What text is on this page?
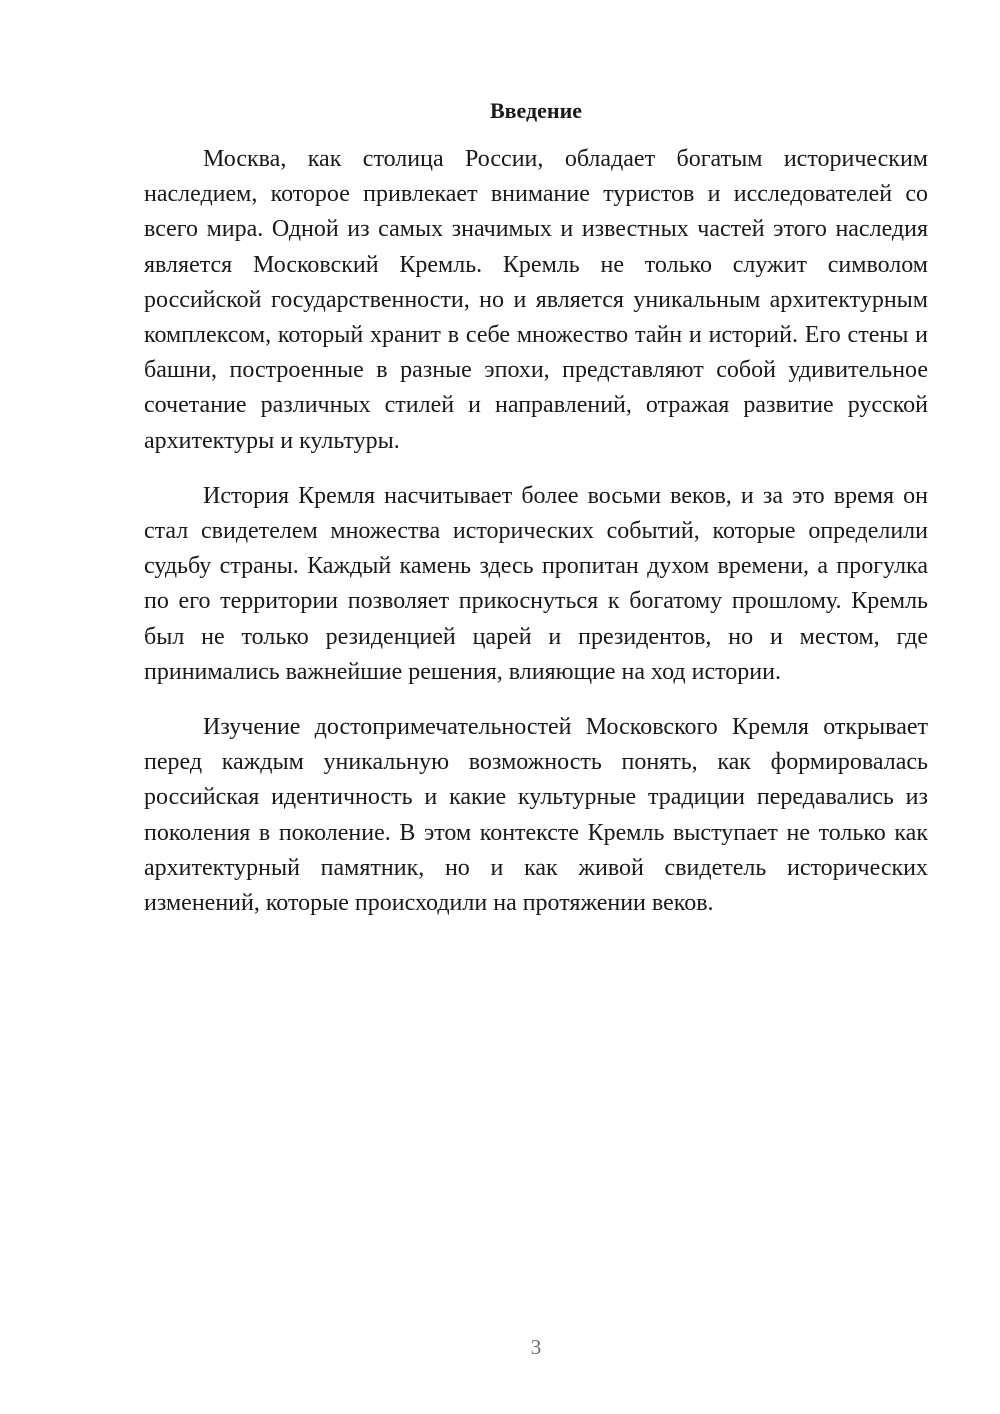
Введение

Москва, как столица России, обладает богатым историческим наследием, которое привлекает внимание туристов и исследователей со всего мира. Одной из самых значимых и известных частей этого наследия является Московский Кремль. Кремль не только служит символом российской государственности, но и является уникальным архитектурным комплексом, который хранит в себе множество тайн и историй. Его стены и башни, построенные в разные эпохи, представляют собой удивительное сочетание различных стилей и направлений, отражая развитие русской архитектуры и культуры.

История Кремля насчитывает более восьми веков, и за это время он стал свидетелем множества исторических событий, которые определили судьбу страны. Каждый камень здесь пропитан духом времени, а прогулка по его территории позволяет прикоснуться к богатому прошлому. Кремль был не только резиденцией царей и президентов, но и местом, где принимались важнейшие решения, влияющие на ход истории.

Изучение достопримечательностей Московского Кремля открывает перед каждым уникальную возможность понять, как формировалась российская идентичность и какие культурные традиции передавались из поколения в поколение. В этом контексте Кремль выступает не только как архитектурный памятник, но и как живой свидетель исторических изменений, которые происходили на протяжении веков.

3
